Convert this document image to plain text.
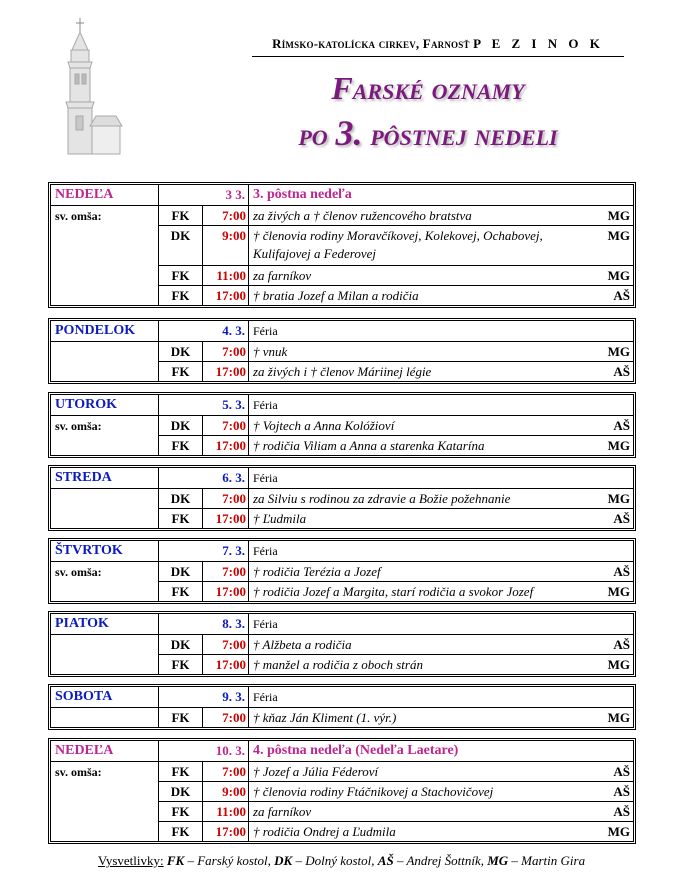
Rímsko-katolícka cirkev, Farnosť P E Z I N O K
Farské oznamy
po 3. pôstnej nedeli
NEDEĽA	3 3. 3. pôstna nedeľa
sv. omša:	FK	7:00 za živých a † členov ružencového bratstva	MG
DK	9:00 † členovia rodiny Moravčíkovej, Kolekovej, Ochabovej, Kulifajovej a Federovej
MG
FK	11:00 za farníkov	MG
FK	17:00 † bratia Jozef a Milan a rodičia	AŠ
PONDELOK	4. 3. Féria
DK	7:00 † vnuk	MG
FK	17:00 za živých i † členov Máriinej légie	AŠ
UTOROK	5. 3. Féria
sv. omša:	DK	7:00 † Vojtech a Anna Kolóžioví	AŠ
FK	17:00 † rodičia Viliam a Anna a starenka Katarína	MG
STREDA	6. 3. Féria
DK	7:00 za Silviu s rodinou za zdravie a Božie požehnanie	MG
FK	17:00 † Ľudmila	AŠ
ŠTVRTOK	7. 3. Féria
sv. omša:	DK	7:00 † rodičia Terézia a Jozef	AŠ
FK	17:00 † rodičia Jozef a Margita, starí rodičia a svokor Jozef	MG
PIATOK	8. 3. Féria
DK	7:00 † Alžbeta a rodičia	AŠ
FK	17:00 † manžel a rodičia z oboch strán	MG
SOBOTA	9. 3. Féria
FK	7:00 † kňaz Ján Kliment (1. výr.)	MG
NEDEĽA	10. 3. 4. pôstna nedeľa (Nedeľa Laetare)
sv. omša:	FK	7:00 † Jozef a Júlia Féderoví	AŠ
DK	9:00 † členovia rodiny Ftáčnikovej a Stachovičovej	AŠ
FK	11:00 za farníkov	AŠ
FK	17:00 † rodičia Ondrej a Ľudmila	MG
Vysvetlivky: FK – Farský kostol, DK – Dolný kostol, AŠ – Andrej Šottník, MG – Martin Gira
